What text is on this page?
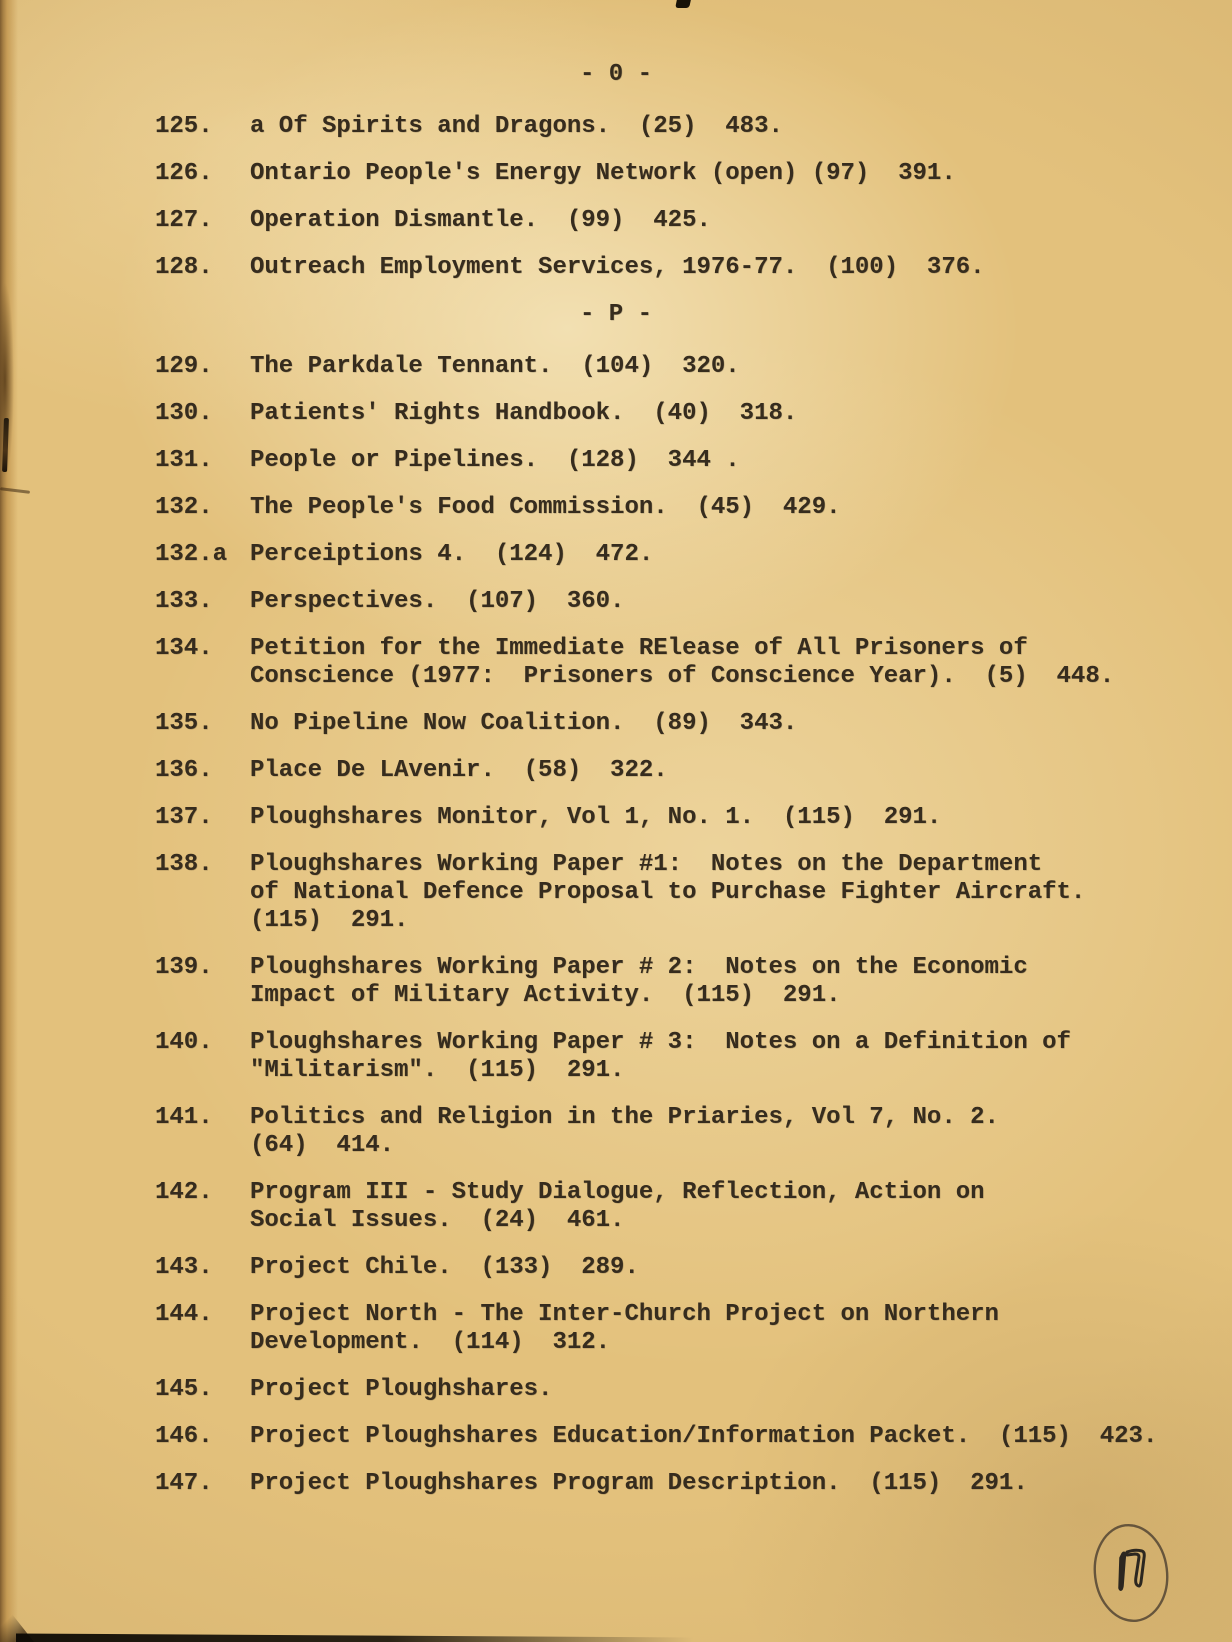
- 0 -
125.	a Of Spirits and Dragons.  (25)  483.
126.	Ontario People's Energy Network (open) (97)  391.
127.	Operation Dismantle.  (99)  425.
128.	Outreach Employment Services, 1976-77.  (100)  376.
- P -
129.	The Parkdale Tennant.  (104)  320.
130.	Patients' Rights Handbook.  (40)  318.
131.	People or Pipelines.  (128)  344 .
132.	The People's Food Commission.  (45)  429.
132.a Perceiptions 4.  (124)  472.
133.	Perspectives.  (107)  360.
134.	Petition for the Immediate RElease of All Prisoners of
Conscience (1977:  Prisoners of Conscience Year).  (5)  448.
135.	No Pipeline Now Coalition.  (89)  343.
136.	Place De LAvenir.  (58)  322.
137.	Ploughshares Monitor, Vol 1, No. 1.  (115)  291.
138.	Ploughshares Working Paper #1:  Notes on the Department
of National Defence Proposal to Purchase Fighter Aircraft.
(115)  291.
139.	Ploughshares Working Paper # 2:  Notes on the Economic
Impact of Military Activity.  (115)  291.
140.	Ploughshares Working Paper # 3:  Notes on a Definition of
"Militarism".  (115)  291.
141.	Politics and Religion in the Priaries, Vol 7, No. 2.
(64)  414.
142.	Program III - Study Dialogue, Reflection, Action on
Social Issues.  (24)  461.
143.	Project Chile.  (133)  289.
144.	Project North - The Inter-Church Project on Northern
Development.  (114)  312.
145.	Project Ploughshares.
146.	Project Ploughshares Education/Information Packet.  (115)  423.
147.	Project Ploughshares Program Description.  (115)  291.
